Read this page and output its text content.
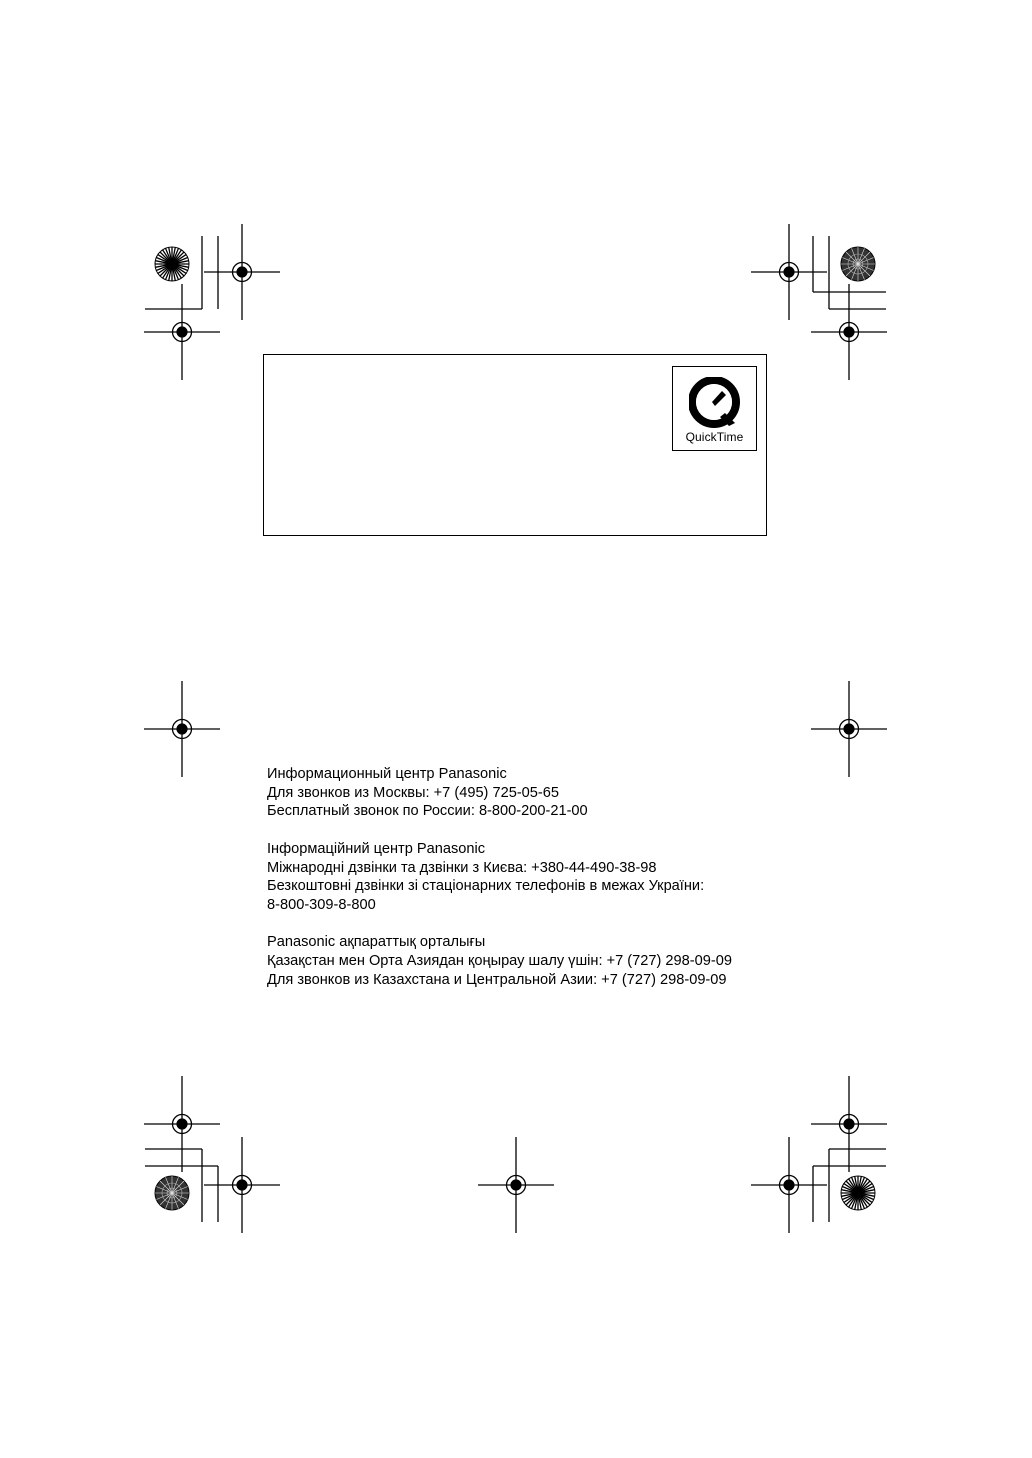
QuickTime
Информационный центр Panasonic
Для звонков из Москвы: +7 (495) 725-05-65
Бесплатный звонок по России: 8-800-200-21-00
Інформаційний центр Panasonic
Міжнародні дзвінки та дзвінки з Києва: +380-44-490-38-98
Безкоштовні дзвінки зі стаціонарних телефонів в межах України:
8-800-309-8-800
Panasonic ақпараттық орталығы
Қазақстан мен Орта Азиядан қоңырау шалу үшін: +7 (727) 298-09-09
Для звонков из Казахстана и Центральной Азии: +7 (727) 298-09-09
